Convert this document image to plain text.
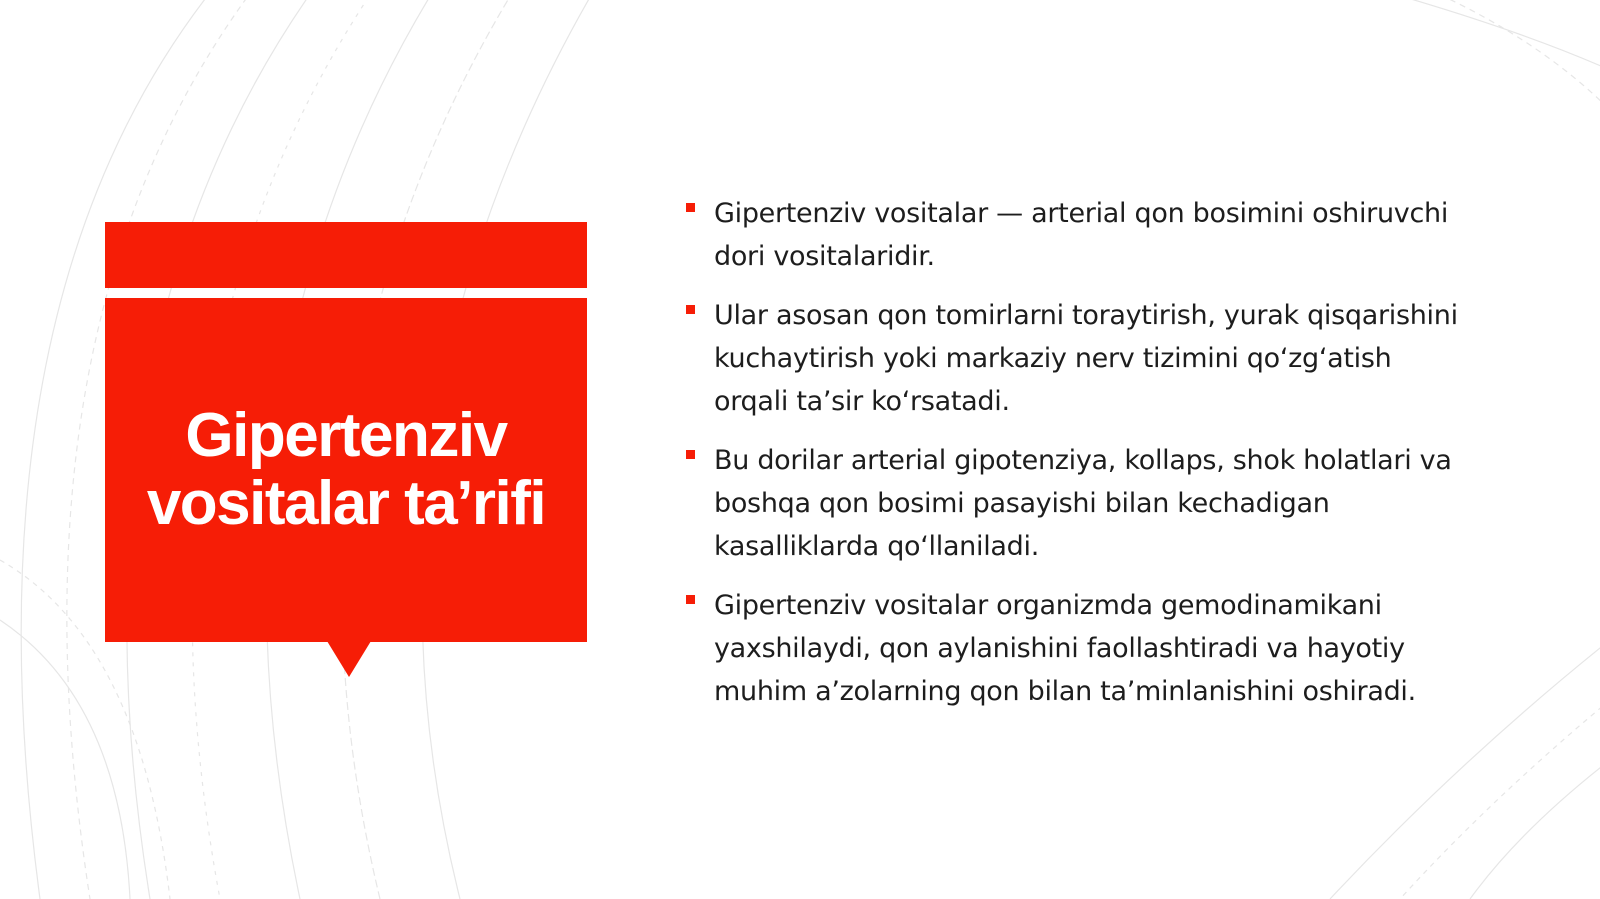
Gipertenziv vositalar ta’rifi
Gipertenziv vositalar — arterial qon bosimini oshiruvchi dori vositalaridir.
Ular asosan qon tomirlarni toraytirish, yurak qisqarishini kuchaytirish yoki markaziy nerv tizimini qo‘zg‘atish orqali ta’sir ko‘rsatadi.
Bu dorilar arterial gipotenziya, kollaps, shok holatlari va boshqa qon bosimi pasayishi bilan kechadigan kasalliklarda qo‘llaniladi.
Gipertenziv vositalar organizmda gemodinamikani yaxshilaydi, qon aylanishini faollashtiradi va hayotiy muhim a’zolarning qon bilan ta’minlanishini oshiradi.
